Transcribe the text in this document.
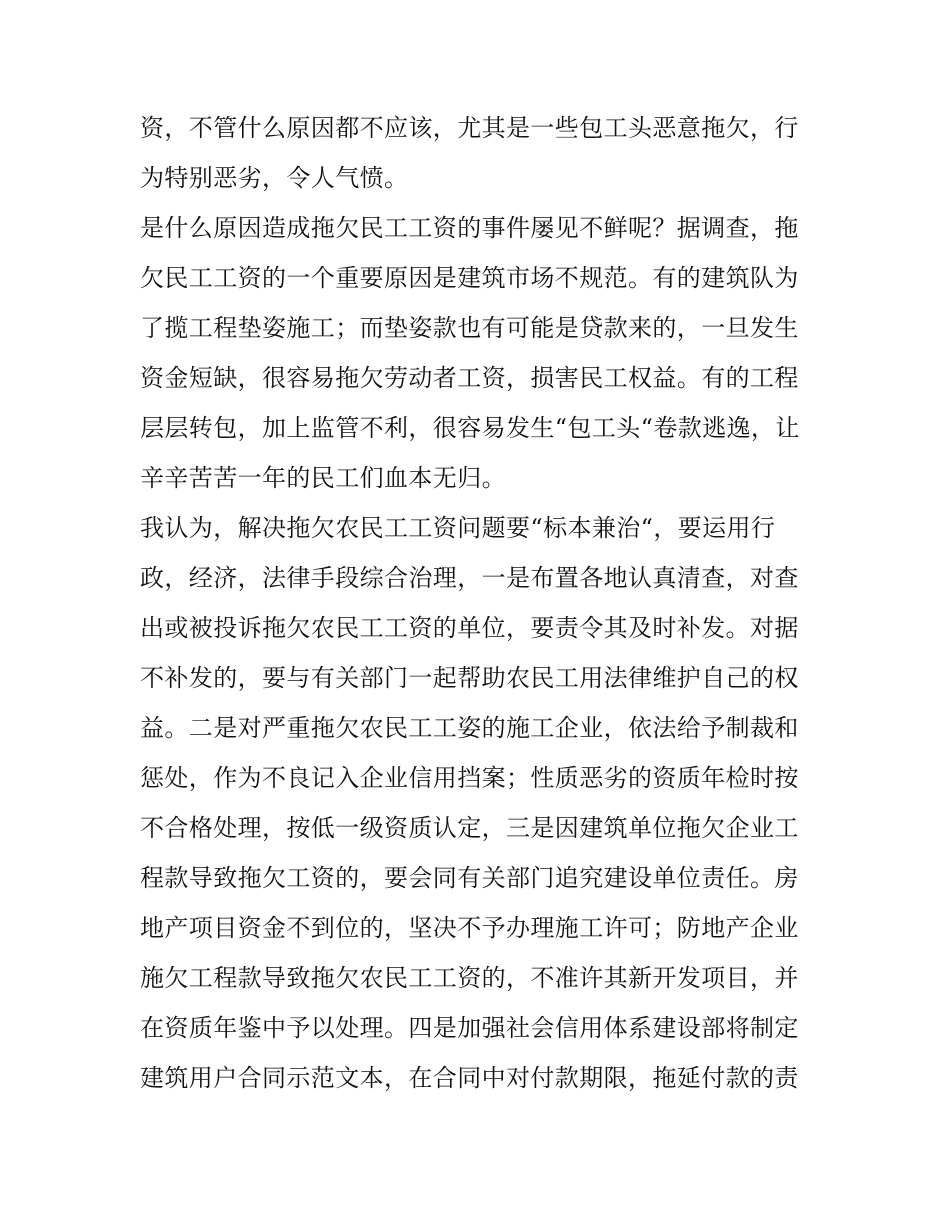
资，不管什么原因都不应该，尤其是一些包工头恶意拖欠，行
为特别恶劣，令人气愤。
是什么原因造成拖欠民工工资的事件屡见不鲜呢？据调查，拖
欠民工工资的一个重要原因是建筑市场不规范。有的建筑队为
了揽工程垫姿施工；而垫姿款也有可能是贷款来的，一旦发生
资金短缺，很容易拖欠劳动者工资，损害民工权益。有的工程
层层转包，加上监管不利，很容易发生“包工头“卷款逃逸，让
辛辛苦苦一年的民工们血本无归。
我认为，解决拖欠农民工工资问题要“标本兼治“，要运用行
政，经济，法律手段综合治理，一是布置各地认真清查，对查
出或被投诉拖欠农民工工资的单位，要责令其及时补发。对据
不补发的，要与有关部门一起帮助农民工用法律维护自己的权
益。二是对严重拖欠农民工工姿的施工企业，依法给予制裁和
惩处，作为不良记入企业信用挡案；性质恶劣的资质年检时按
不合格处理，按低一级资质认定，三是因建筑单位拖欠企业工
程款导致拖欠工资的，要会同有关部门追究建设单位责任。房
地产项目资金不到位的，坚决不予办理施工许可；防地产企业
施欠工程款导致拖欠农民工工资的，不准许其新开发项目，并
在资质年鉴中予以处理。四是加强社会信用体系建设部将制定
建筑用户合同示范文本，在合同中对付款期限，拖延付款的责
